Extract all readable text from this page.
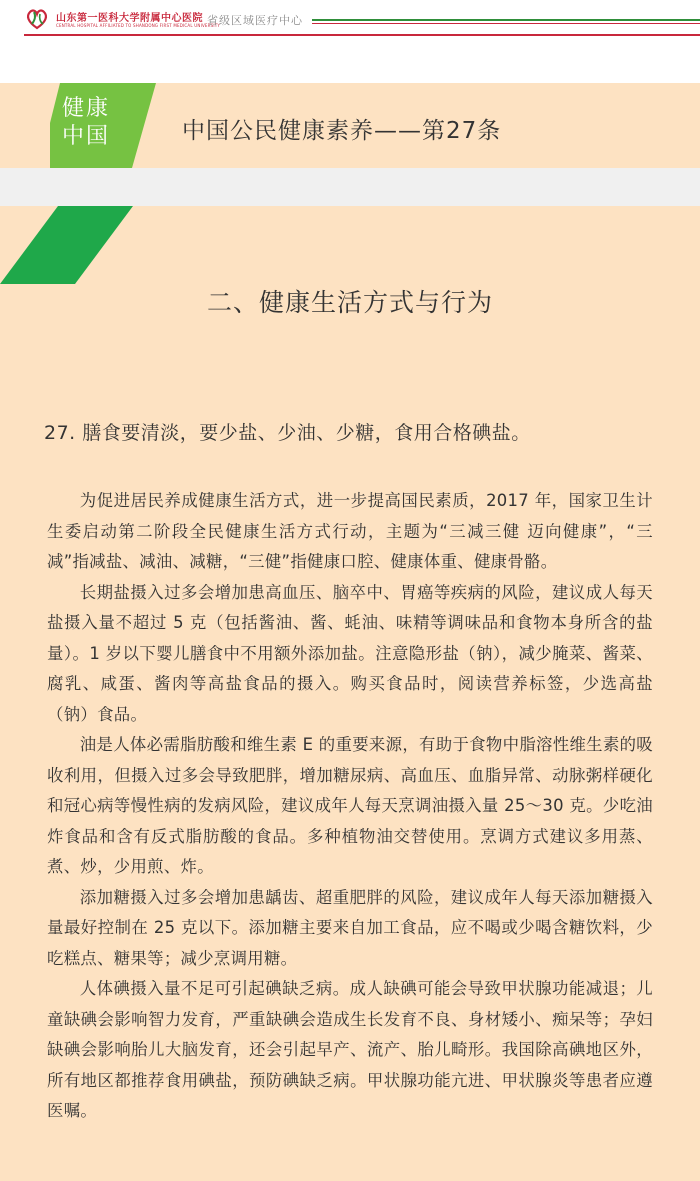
山东第一医科大学附属中心医院
CENTRAL HOSPITAL AFFILIATED TO SHANDONG FIRST MEDICAL UNIVERSITY
省级区域医疗中心
健康
中国	中国公民健康素养——第27条
二、健康生活方式与行为
27. 膳食要清淡，要少盐、少油、少糖，食用合格碘盐。

为促进居民养成健康生活方式，进一步提高国民素质，2017 年，国家卫生计生委启动第二阶段全民健康生活方式行动，主题为“三减三健 迈向健康”，“三减”指减盐、减油、减糖，“三健”指健康口腔、健康体重、健康骨骼。

长期盐摄入过多会增加患高血压、脑卒中、胃癌等疾病的风险，建议成人每天盐摄入量不超过 5 克（包括酱油、酱、蚝油、味精等调味品和食物本身所含的盐量）。1 岁以下婴儿膳食中不用额外添加盐。注意隐形盐（钠），减少腌菜、酱菜、腐乳、咸蛋、酱肉等高盐食品的摄入。购买食品时，阅读营养标签，少选高盐（钠）食品。

油是人体必需脂肪酸和维生素 E 的重要来源，有助于食物中脂溶性维生素的吸收利用，但摄入过多会导致肥胖，增加糖尿病、高血压、血脂异常、动脉粥样硬化和冠心病等慢性病的发病风险，建议成年人每天烹调油摄入量 25～30 克。少吃油炸食品和含有反式脂肪酸的食品。多种植物油交替使用。烹调方式建议多用蒸、煮、炒，少用煎、炸。

添加糖摄入过多会增加患龋齿、超重肥胖的风险，建议成年人每天添加糖摄入量最好控制在 25 克以下。添加糖主要来自加工食品，应不喝或少喝含糖饮料，少吃糕点、糖果等；减少烹调用糖。

人体碘摄入量不足可引起碘缺乏病。成人缺碘可能会导致甲状腺功能减退；儿童缺碘会影响智力发育，严重缺碘会造成生长发育不良、身材矮小、痴呆等；孕妇缺碘会影响胎儿大脑发育，还会引起早产、流产、胎儿畸形。我国除高碘地区外，所有地区都推荐食用碘盐，预防碘缺乏病。甲状腺功能亢进、甲状腺炎等患者应遵医嘱。
